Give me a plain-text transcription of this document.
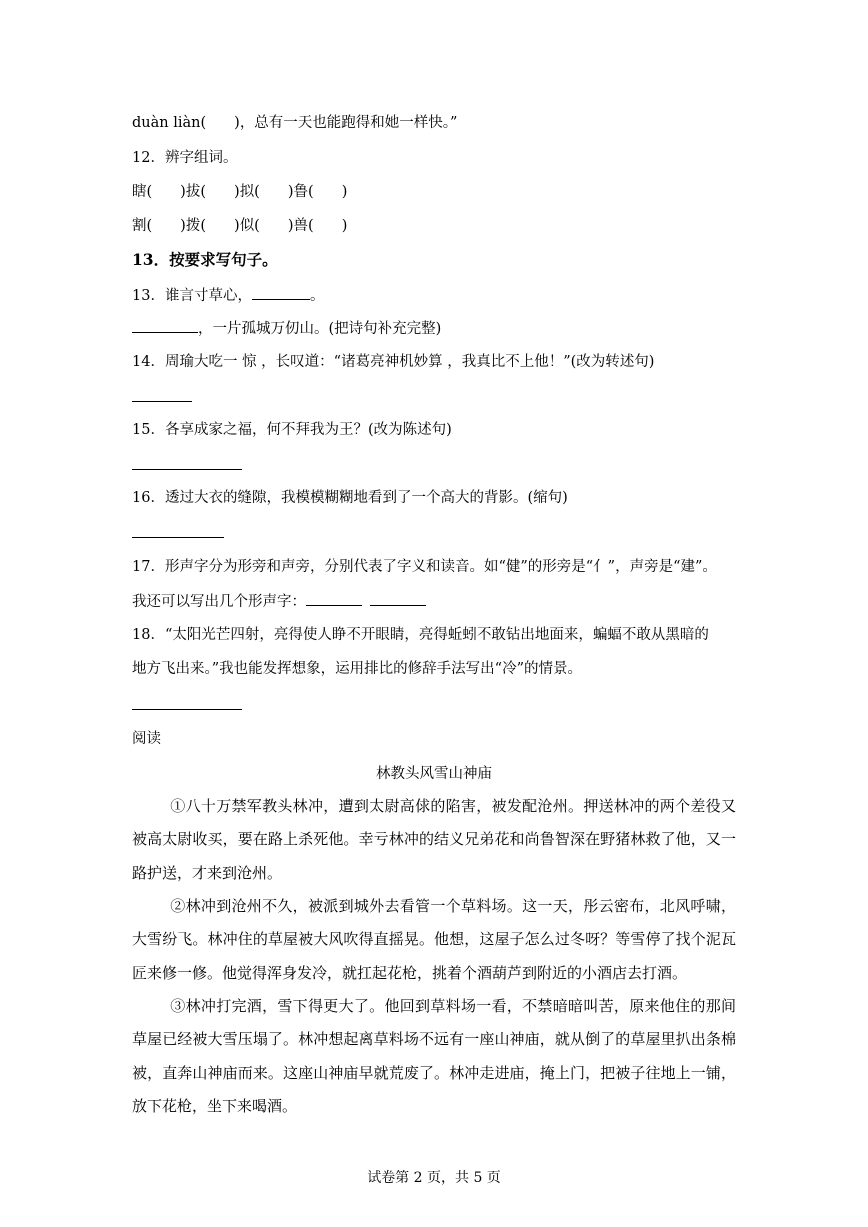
duàn liàn( )，总有一天也能跑得和她一样快。”
12．辨字组词。
瞎( )拔( )拟( )鲁( )
割( )拨( )似( )兽( )
13．按要求写句子。
13．谁言寸草心，	。
，一片孤城万仞山。(把诗句补充完整)
14．周瑜大吃一 惊 ，长叹道：“诸葛亮神机妙算 ，我真比不上他！”(改为转述句)
15．各享成家之福，何不拜我为王？(改为陈述句)
16．透过大衣的缝隙，我模模糊糊地看到了一个高大的背影。(缩句)
17．形声字分为形旁和声旁，分别代表了字义和读音。如“健”的形旁是“亻”，声旁是“建”。
我还可以写出几个形声字：
18．“太阳光芒四射，亮得使人睁不开眼睛，亮得蚯蚓不敢钻出地面来，蝙蝠不敢从黑暗的
地方飞出来。”我也能发挥想象，运用排比的修辞手法写出“冷”的情景。
阅读
林教头风雪山神庙
①八十万禁军教头林冲，遭到太尉高俅的陷害，被发配沧州。押送林冲的两个差役又被高太尉收买，要在路上杀死他。幸亏林冲的结义兄弟花和尚鲁智深在野猪林救了他，又一路护送，才来到沧州。
②林冲到沧州不久，被派到城外去看管一个草料场。这一天，彤云密布，北风呼啸，大雪纷飞。林冲住的草屋被大风吹得直摇晃。他想，这屋子怎么过冬呀？等雪停了找个泥瓦匠来修一修。他觉得浑身发冷，就扛起花枪，挑着个酒葫芦到附近的小酒店去打酒。
③林冲打完酒，雪下得更大了。他回到草料场一看，不禁暗暗叫苦，原来他住的那间草屋已经被大雪压塌了。林冲想起离草料场不远有一座山神庙，就从倒了的草屋里扒出条棉被，直奔山神庙而来。这座山神庙早就荒废了。林冲走进庙，掩上门，把被子往地上一铺，放下花枪，坐下来喝酒。
试卷第 2 页，共 5 页
